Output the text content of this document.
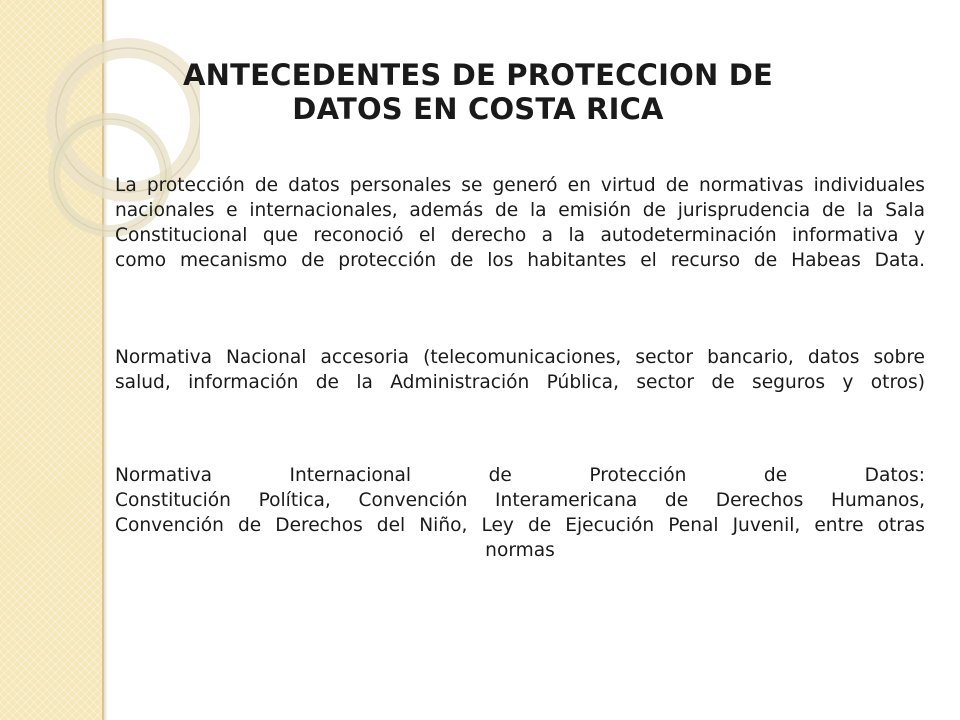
ANTECEDENTES DE PROTECCION DE
DATOS EN COSTA RICA
La protección de datos personales se generó en virtud de normativas individuales
nacionales e internacionales, además de la emisión de jurisprudencia de la Sala
Constitucional que reconoció el derecho a la autodeterminación informativa y
como mecanismo de protección de los habitantes el recurso de Habeas Data.
Normativa Nacional accesoria (telecomunicaciones, sector bancario, datos sobre
salud, información de la Administración Pública, sector de seguros y otros)
Normativa Internacional de Protección de Datos:
Constitución Política, Convención Interamericana de Derechos Humanos,
Convención de Derechos del Niño, Ley de Ejecución Penal Juvenil, entre otras
normas
